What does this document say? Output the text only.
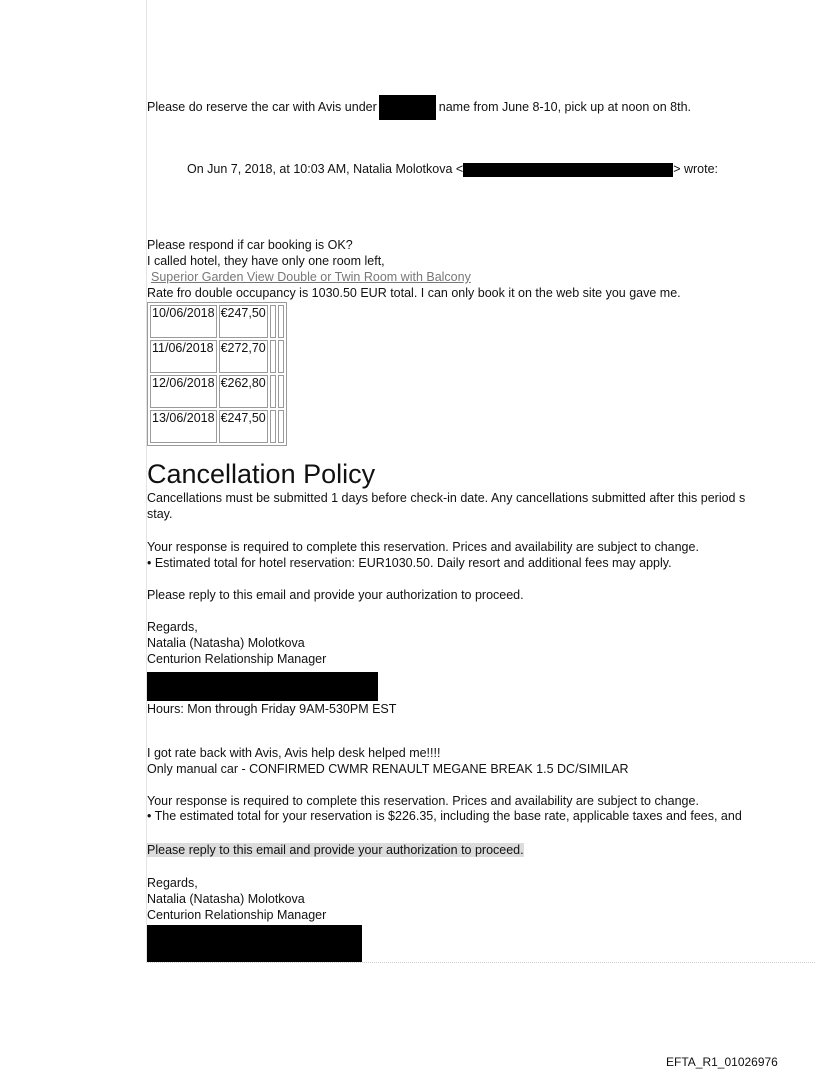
Please do reserve the car with Avis under	name from June 8-10, pick up at noon on 8th.
On Jun 7, 2018, at 10:03 AM, Natalia Molotkova <	> wrote:
Please respond if car booking is OK?
I called hotel, they have only one room left,
Superior Garden View Double or Twin Room with Balcony
Rate fro double occupancy is 1030.50 EUR total. I can only book it on the web site you gave me.
10/06/2018	€247,50		
11/06/2018	€272,70		
12/06/2018	€262,80		
13/06/2018	€247,50		
Cancellation Policy
Cancellations must be submitted 1 days before check-in date. Any cancellations submitted after this period s
stay.
Your response is required to complete this reservation. Prices and availability are subject to change.
• Estimated total for hotel reservation: EUR1030.50. Daily resort and additional fees may apply.
Please reply to this email and provide your authorization to proceed.
Regards,
Natalia (Natasha) Molotkova
Centurion Relationship Manager
Hours: Mon through Friday 9AM-530PM EST
I got rate back with Avis, Avis help desk helped me!!!!
Only manual car - CONFIRMED CWMR RENAULT MEGANE BREAK 1.5 DC/SIMILAR
Your response is required to complete this reservation. Prices and availability are subject to change.
• The estimated total for your reservation is $226.35, including the base rate, applicable taxes and fees, and
Please reply to this email and provide your authorization to proceed.
Regards,
Natalia (Natasha) Molotkova
Centurion Relationship Manager
EFTA_R1_01026976
